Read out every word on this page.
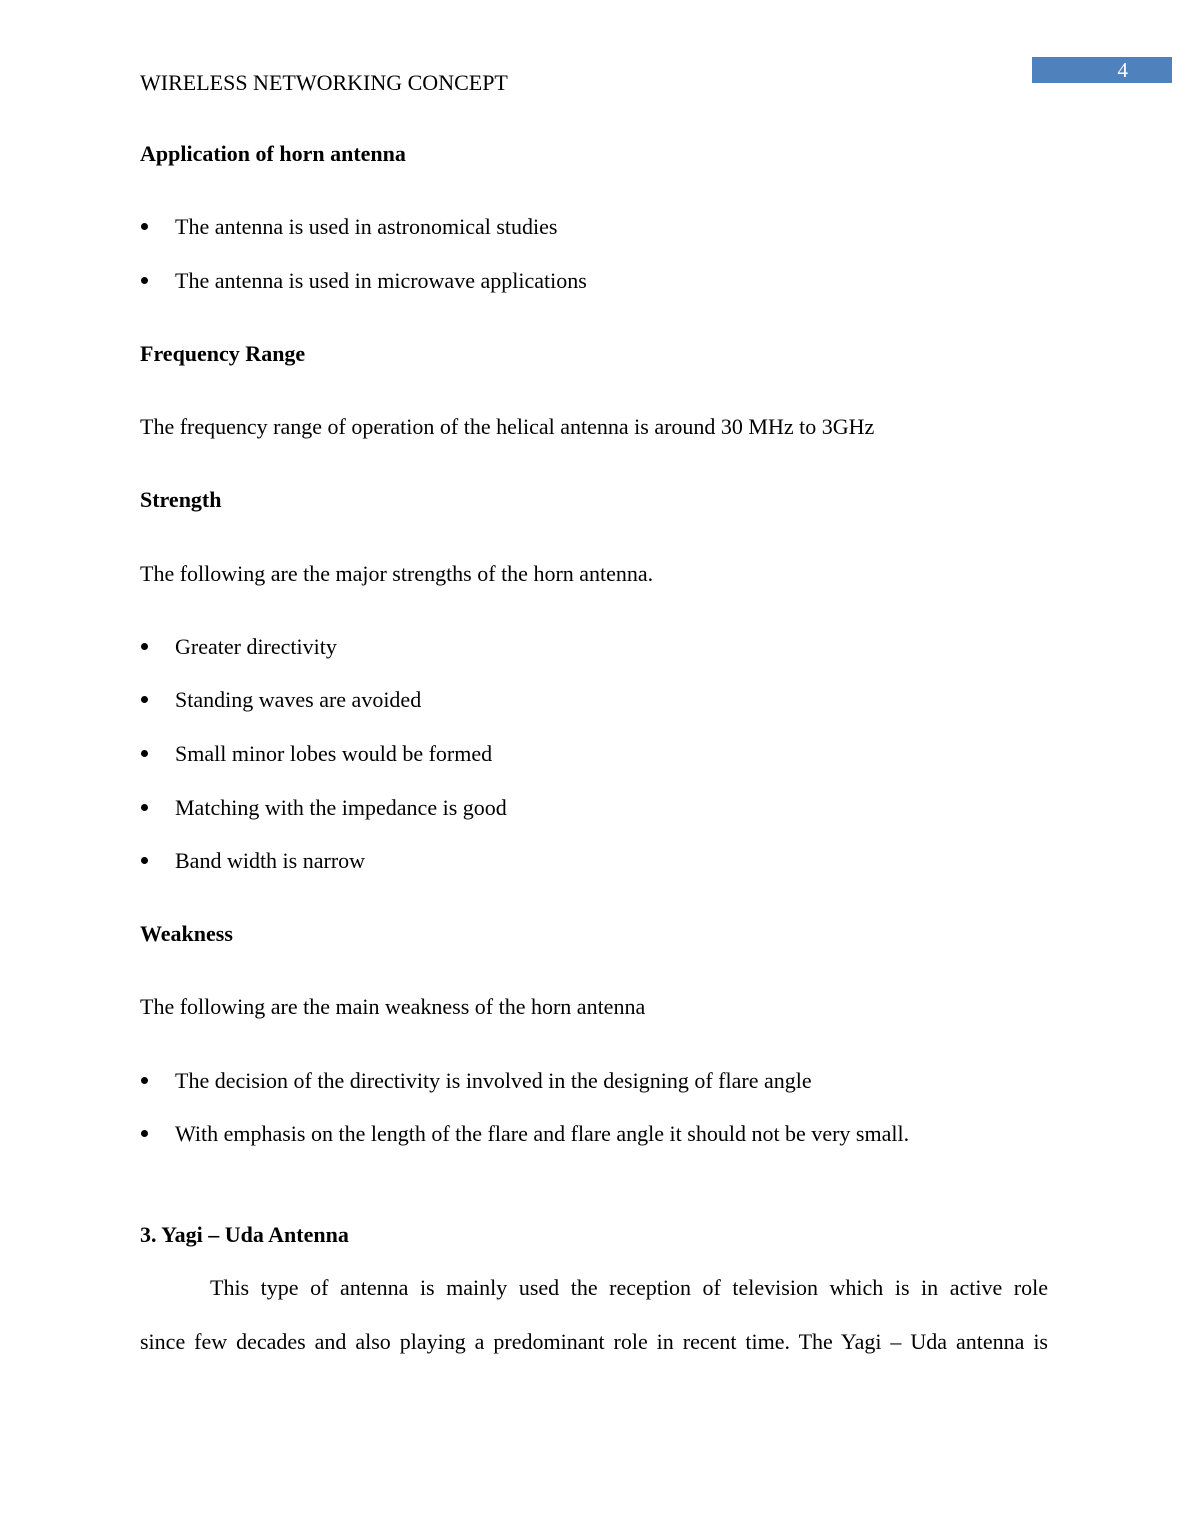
4
WIRELESS NETWORKING CONCEPT
Application of horn antenna
The antenna is used in astronomical studies
The antenna is used in microwave applications
Frequency Range
The frequency range of operation of the helical antenna is around 30 MHz to 3GHz
Strength
The following are the major strengths of the horn antenna.
Greater directivity
Standing waves are avoided
Small minor lobes would be formed
Matching with the impedance is good
Band width is narrow
Weakness
The following are the main weakness of the horn antenna
The decision of the directivity is involved in the designing of flare angle
With emphasis on the length of the flare and flare angle it should not be very small.
3. Yagi – Uda Antenna
This type of antenna is mainly used the reception of television which is in active role
since few decades and also playing a predominant role in recent time. The Yagi – Uda antenna is
